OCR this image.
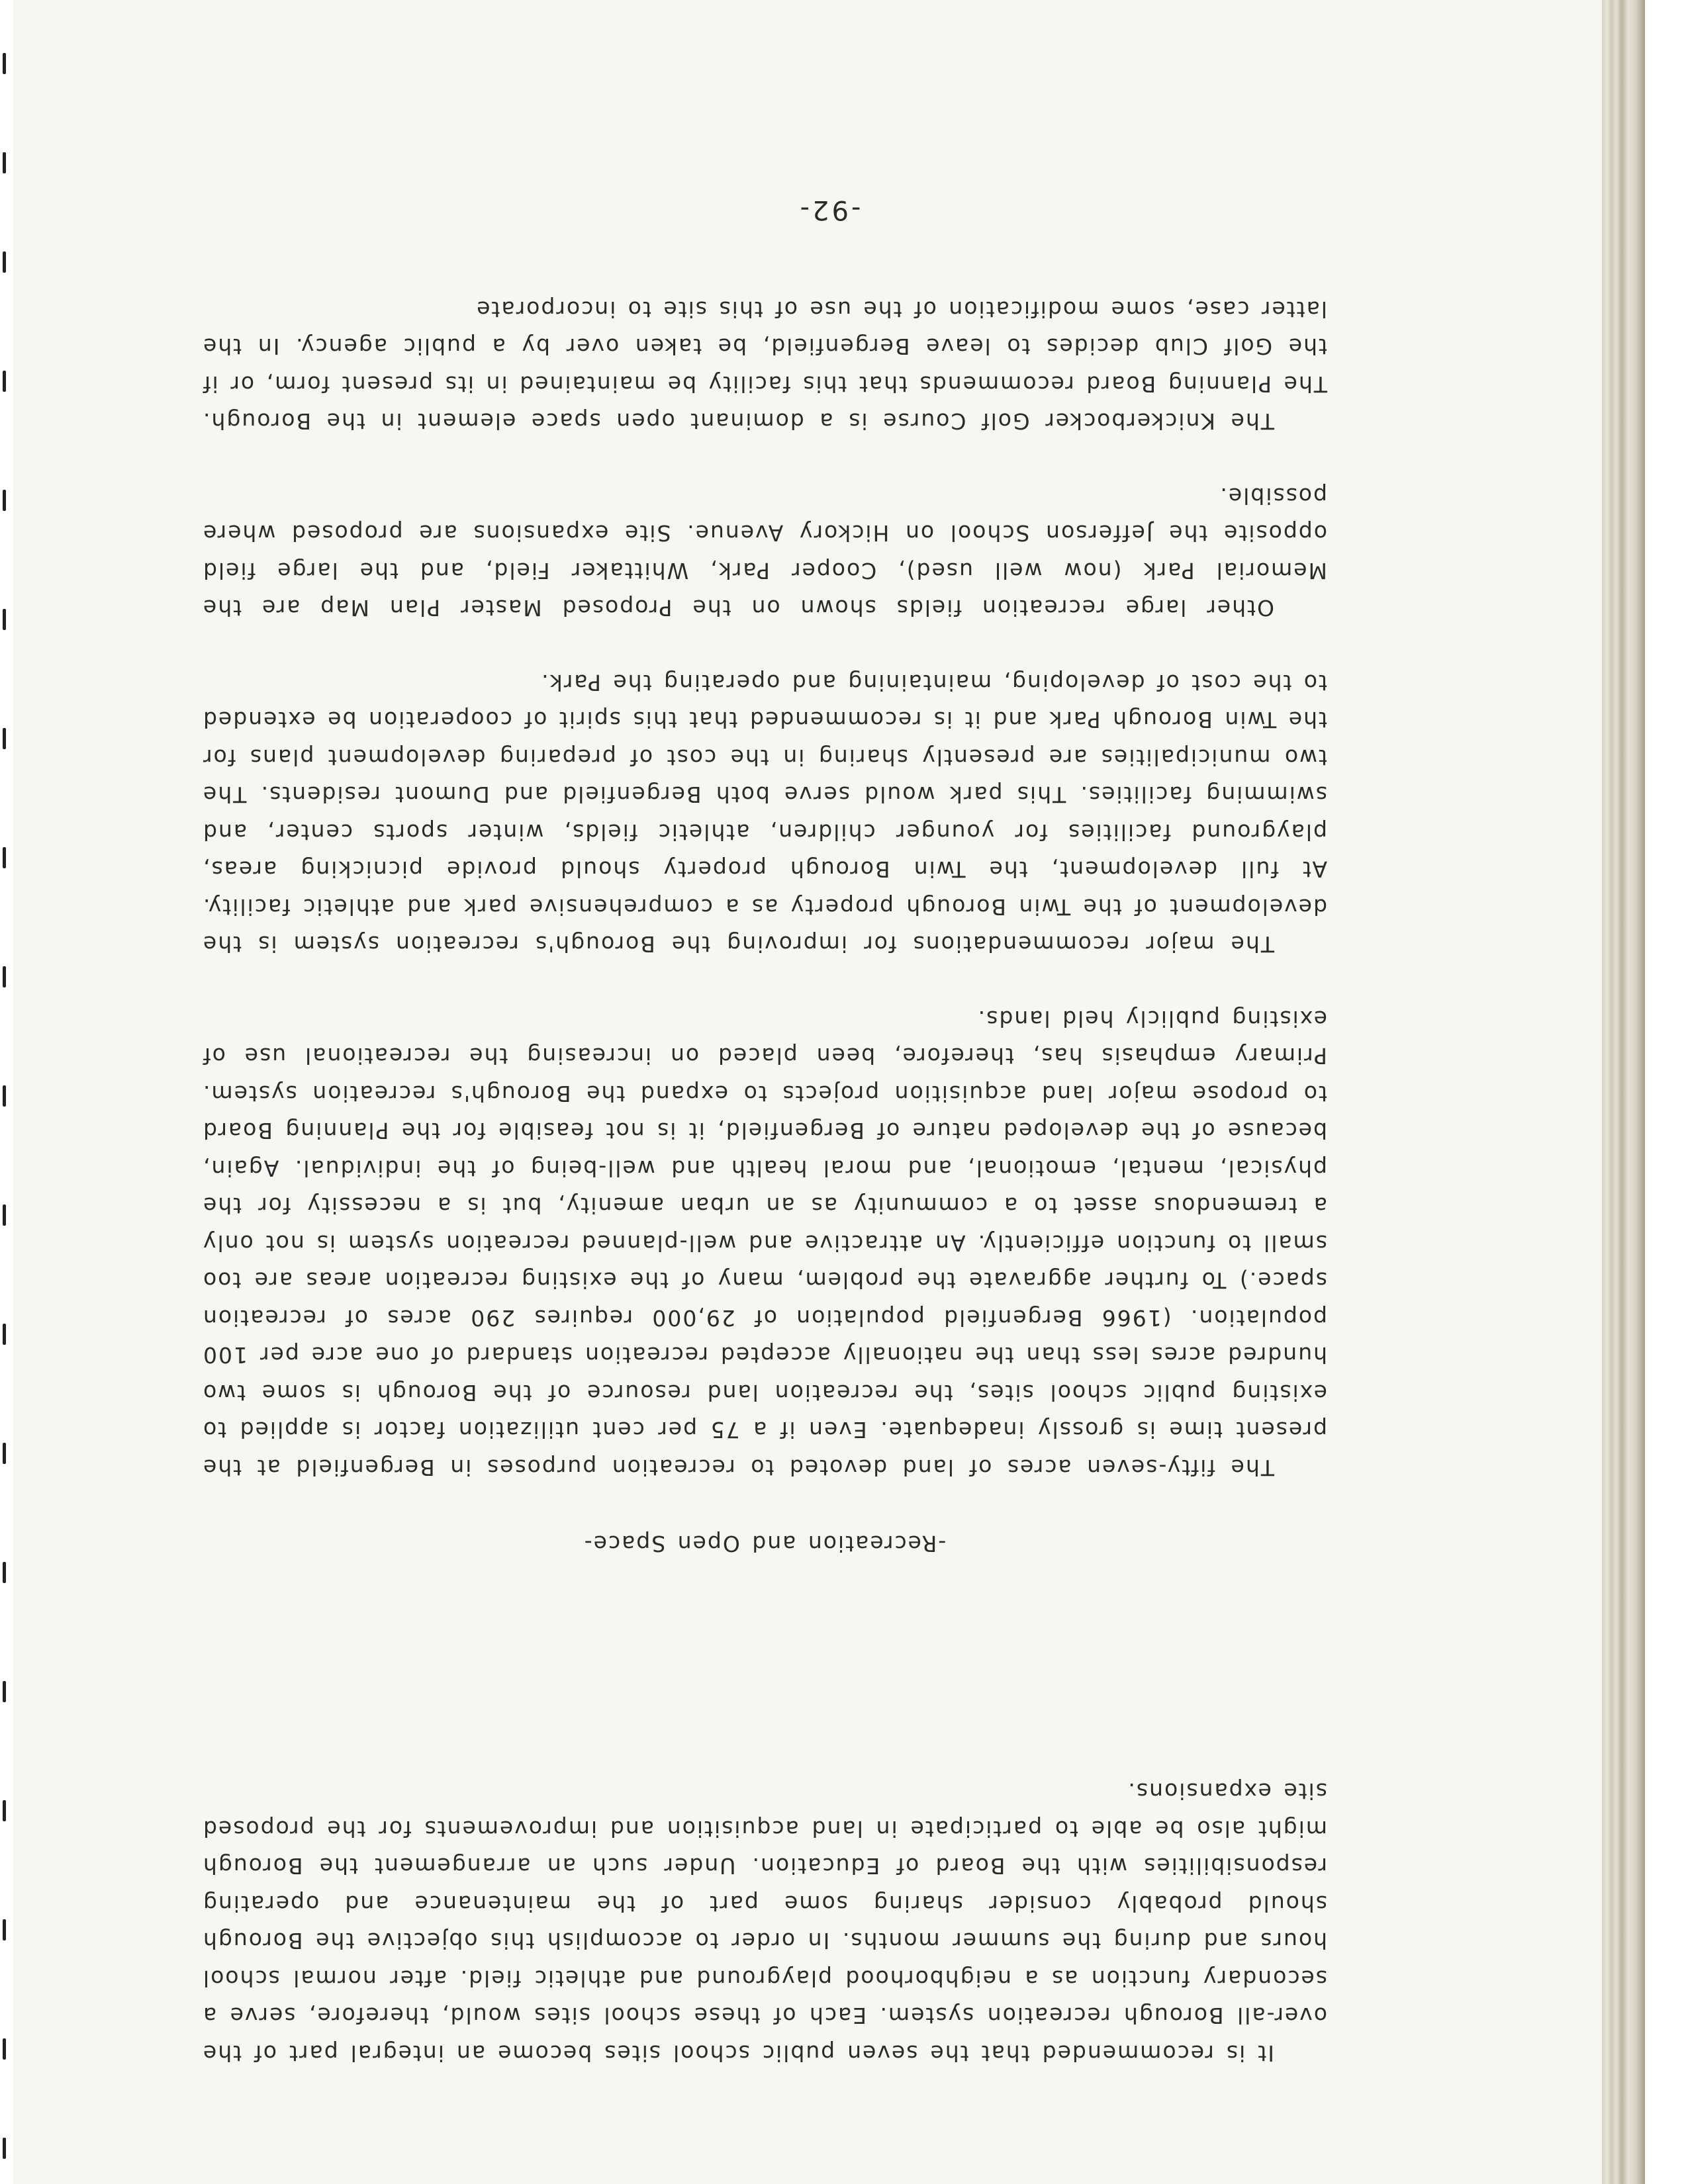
It is recommended that the seven public school sites become an integral part of the over-all Borough recreation system. Each of these school sites would, therefore, serve a secondary function as a neighborhood playground and athletic field. after normal school hours and during the summer months. In order to accomplish this objective the Borough should probably consider sharing some part of the maintenance and operating responsibilities with the Board of Education. Under such an arrangement the Borough might also be able to participate in land acquisition and improvements for the proposed site expansions.

-Recreation and Open Space-

The fifty-seven acres of land devoted to recreation purposes in Bergenfield at the present time is grossly inadequate. Even if a 75 per cent utilization factor is applied to existing public school sites, the recreation land resource of the Borough is some two hundred acres less than the nationally accepted recreation standard of one acre per 100 population. (1966 Bergenfield population of 29,000 requires 290 acres of recreation space.) To further aggravate the problem, many of the existing recreation areas are too small to function efficiently. An attractive and well-planned recreation system is not only a tremendous asset to a community as an urban amenity, but is a necessity for the physical, mental, emotional, and moral health and well-being of the individual. Again, because of the developed nature of Bergenfield, it is not feasible for the Planning Board to propose major land acquisition projects to expand the Borough's recreation system. Primary emphasis has, therefore, been placed on increasing the recreational use of existing publicly held lands.

The major recommendations for improving the Borough's recreation system is the development of the Twin Borough property as a comprehensive park and athletic facility. At full development, the Twin Borough property should provide picnicking areas, playground facilities for younger children, athletic fields, winter sports center, and swimming facilities. This park would serve both Bergenfield and Dumont residents. The two municipalities are presently sharing in the cost of preparing development plans for the Twin Borough Park and it is recommended that this spirit of cooperation be extended to the cost of developing, maintaining and operating the Park.

Other large recreation fields shown on the Proposed Master Plan Map are the Memorial Park (now well used), Cooper Park, Whittaker Field, and the large field opposite the Jefferson School on Hickory Avenue. Site expansions are proposed where possible.

The Knickerbocker Golf Course is a dominant open space element in the Borough. The Planning Board recommends that this facility be maintained in its present form, or if the Golf Club decides to leave Bergenfield, be taken over by a public agency. In the latter case, some modification of the use of this site to incorporate

-92-
